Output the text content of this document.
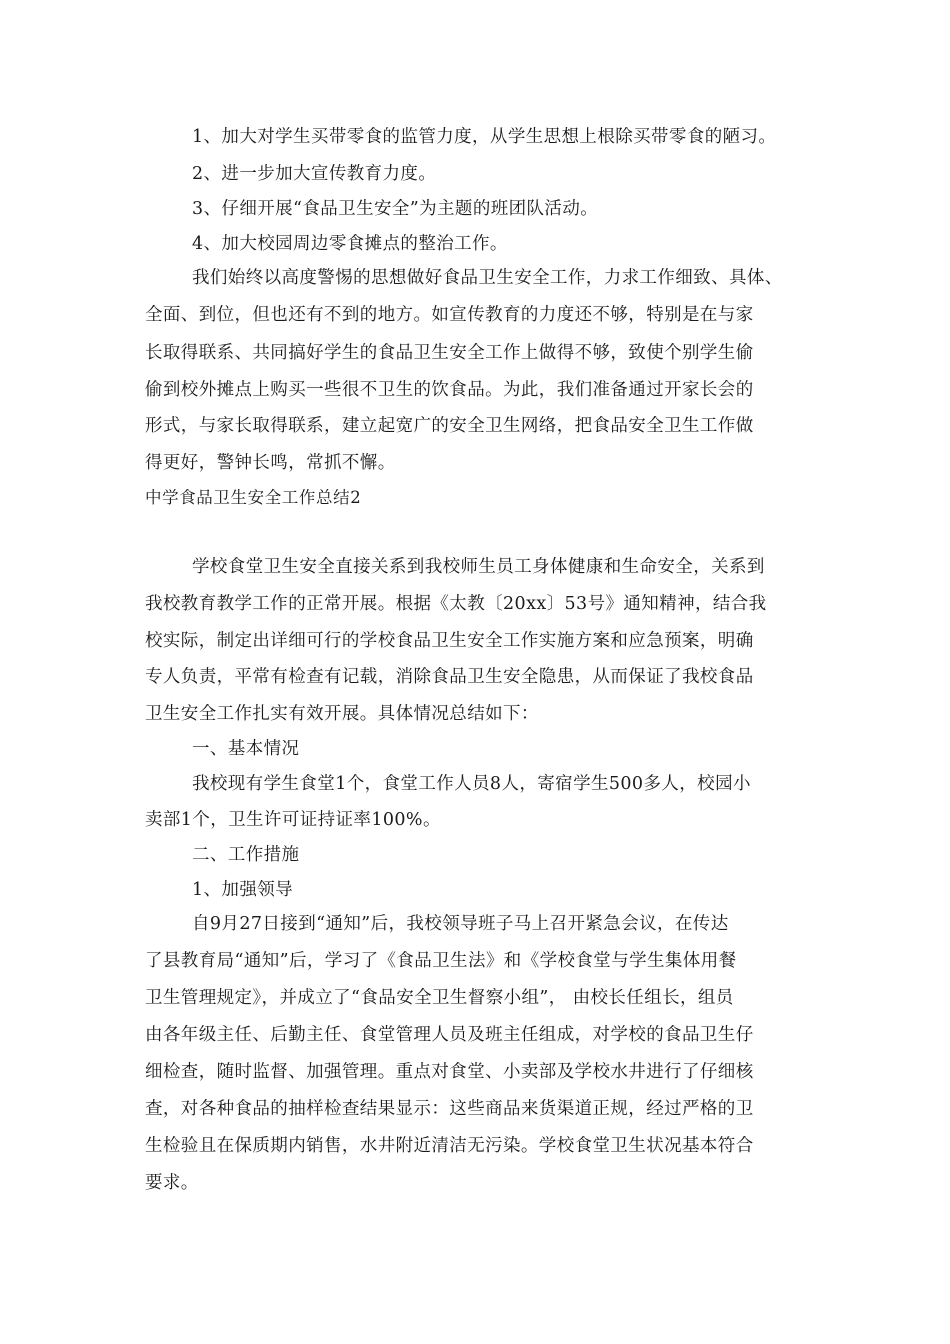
1、加大对学生买带零食的监管力度，从学生思想上根除买带零食的陋习。
2、进一步加大宣传教育力度。
3、仔细开展“食品卫生安全”为主题的班团队活动。
4、加大校园周边零食摊点的整治工作。
我们始终以高度警惕的思想做好食品卫生安全工作，力求工作细致、具体、
全面、到位，但也还有不到的地方。如宣传教育的力度还不够，特别是在与家
长取得联系、共同搞好学生的食品卫生安全工作上做得不够，致使个别学生偷
偷到校外摊点上购买一些很不卫生的饮食品。为此，我们准备通过开家长会的
形式，与家长取得联系，建立起宽广的安全卫生网络，把食品安全卫生工作做
得更好，警钟长鸣，常抓不懈。
中学食品卫生安全工作总结2
学校食堂卫生安全直接关系到我校师生员工身体健康和生命安全，关系到
我校教育教学工作的正常开展。根据《太教〔20xx〕53号》通知精神，结合我
校实际，制定出详细可行的学校食品卫生安全工作实施方案和应急预案，明确
专人负责，平常有检查有记载，消除食品卫生安全隐患，从而保证了我校食品
卫生安全工作扎实有效开展。具体情况总结如下：
一、基本情况
我校现有学生食堂1个，食堂工作人员8人，寄宿学生500多人，校园小
卖部1个，卫生许可证持证率100%。
二、工作措施
1、加强领导
自9月27日接到“通知”后，我校领导班子马上召开紧急会议，在传达
了县教育局“通知”后，学习了《食品卫生法》和《学校食堂与学生集体用餐
卫生管理规定》，并成立了“食品安全卫生督察小组”， 由校长任组长，组员
由各年级主任、后勤主任、食堂管理人员及班主任组成，对学校的食品卫生仔
细检查，随时监督、加强管理。重点对食堂、小卖部及学校水井进行了仔细核
查，对各种食品的抽样检查结果显示：这些商品来货渠道正规，经过严格的卫
生检验且在保质期内销售，水井附近清洁无污染。学校食堂卫生状况基本符合
要求。
